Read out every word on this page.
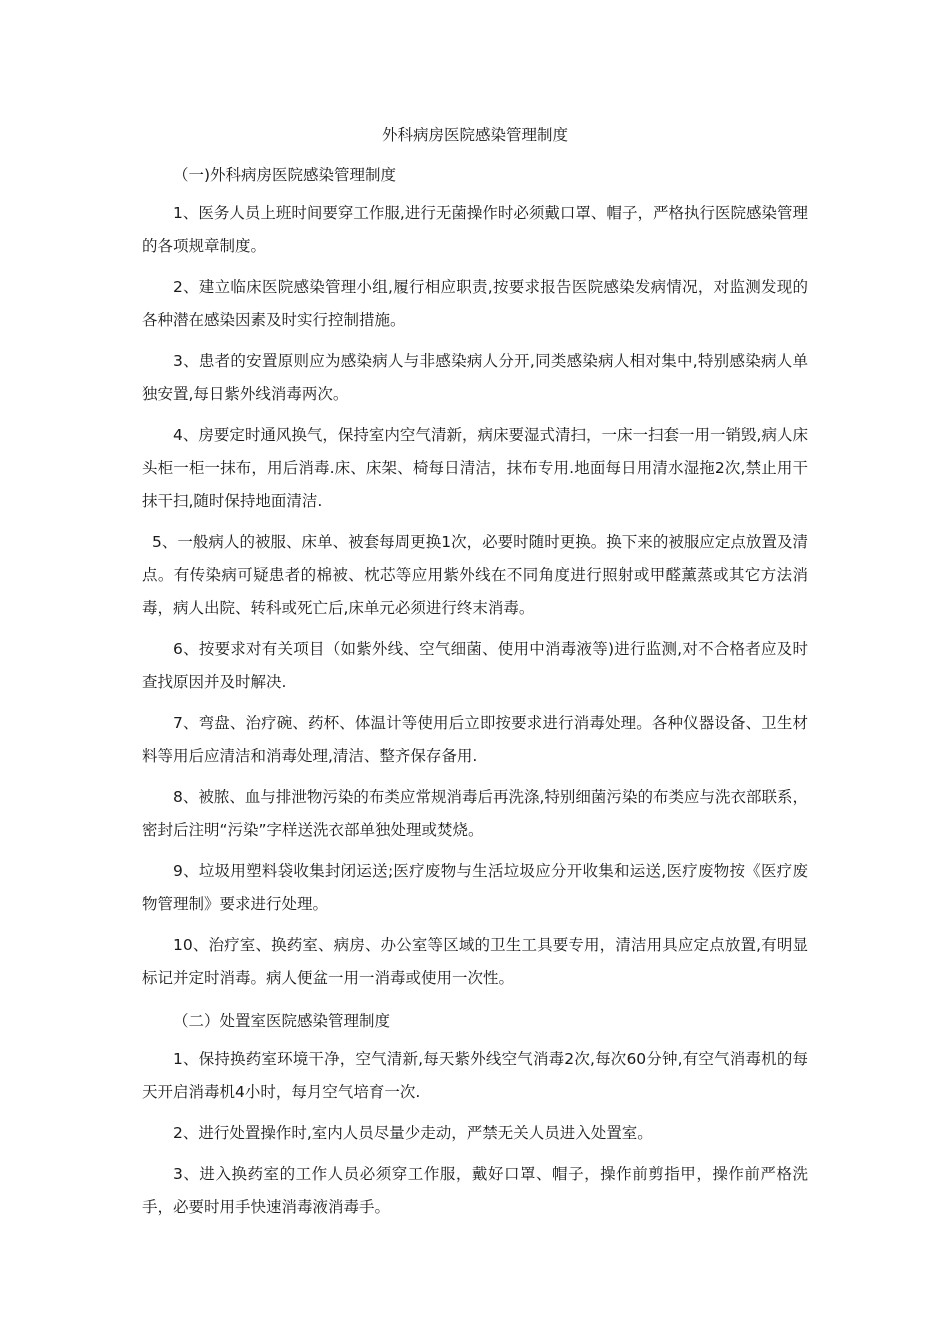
外科病房医院感染管理制度
（一)外科病房医院感染管理制度

1、医务人员上班时间要穿工作服,进行无菌操作时必须戴口罩、帽子，严格执行医院感染管理的各项规章制度。

2、建立临床医院感染管理小组,履行相应职责,按要求报告医院感染发病情况，对监测发现的各种潜在感染因素及时实行控制措施。

3、患者的安置原则应为感染病人与非感染病人分开,同类感染病人相对集中,特别感染病人单独安置,每日紫外线消毒两次。

4、房要定时通风换气，保持室内空气清新，病床要湿式清扫，一床一扫套一用一销毁,病人床头柜一柜一抹布，用后消毒.床、床架、椅每日清洁，抹布专用.地面每日用清水湿拖2次,禁止用干抹干扫,随时保持地面清洁.

5、一般病人的被服、床单、被套每周更换1次，必要时随时更换。换下来的被服应定点放置及清点。有传染病可疑患者的棉被、枕芯等应用紫外线在不同角度进行照射或甲醛薰蒸或其它方法消毒，病人出院、转科或死亡后,床单元必须进行终末消毒。

6、按要求对有关项目（如紫外线、空气细菌、使用中消毒液等)进行监测,对不合格者应及时查找原因并及时解决.

7、弯盘、治疗碗、药杯、体温计等使用后立即按要求进行消毒处理。各种仪器设备、卫生材料等用后应清洁和消毒处理,清洁、整齐保存备用.

8、被脓、血与排泄物污染的布类应常规消毒后再洗涤,特别细菌污染的布类应与洗衣部联系，密封后注明“污染”字样送洗衣部单独处理或焚烧。

9、垃圾用塑料袋收集封闭运送;医疗废物与生活垃圾应分开收集和运送,医疗废物按《医疗废物管理制》要求进行处理。

10、治疗室、换药室、病房、办公室等区域的卫生工具要专用，清洁用具应定点放置,有明显标记并定时消毒。病人便盆一用一消毒或使用一次性。

（二）处置室医院感染管理制度

1、保持换药室环境干净，空气清新,每天紫外线空气消毒2次,每次60分钟,有空气消毒机的每天开启消毒机4小时，每月空气培育一次.

2、进行处置操作时,室内人员尽量少走动，严禁无关人员进入处置室。

3、进入换药室的工作人员必须穿工作服，戴好口罩、帽子，操作前剪指甲，操作前严格洗手，必要时用手快速消毒液消毒手。
